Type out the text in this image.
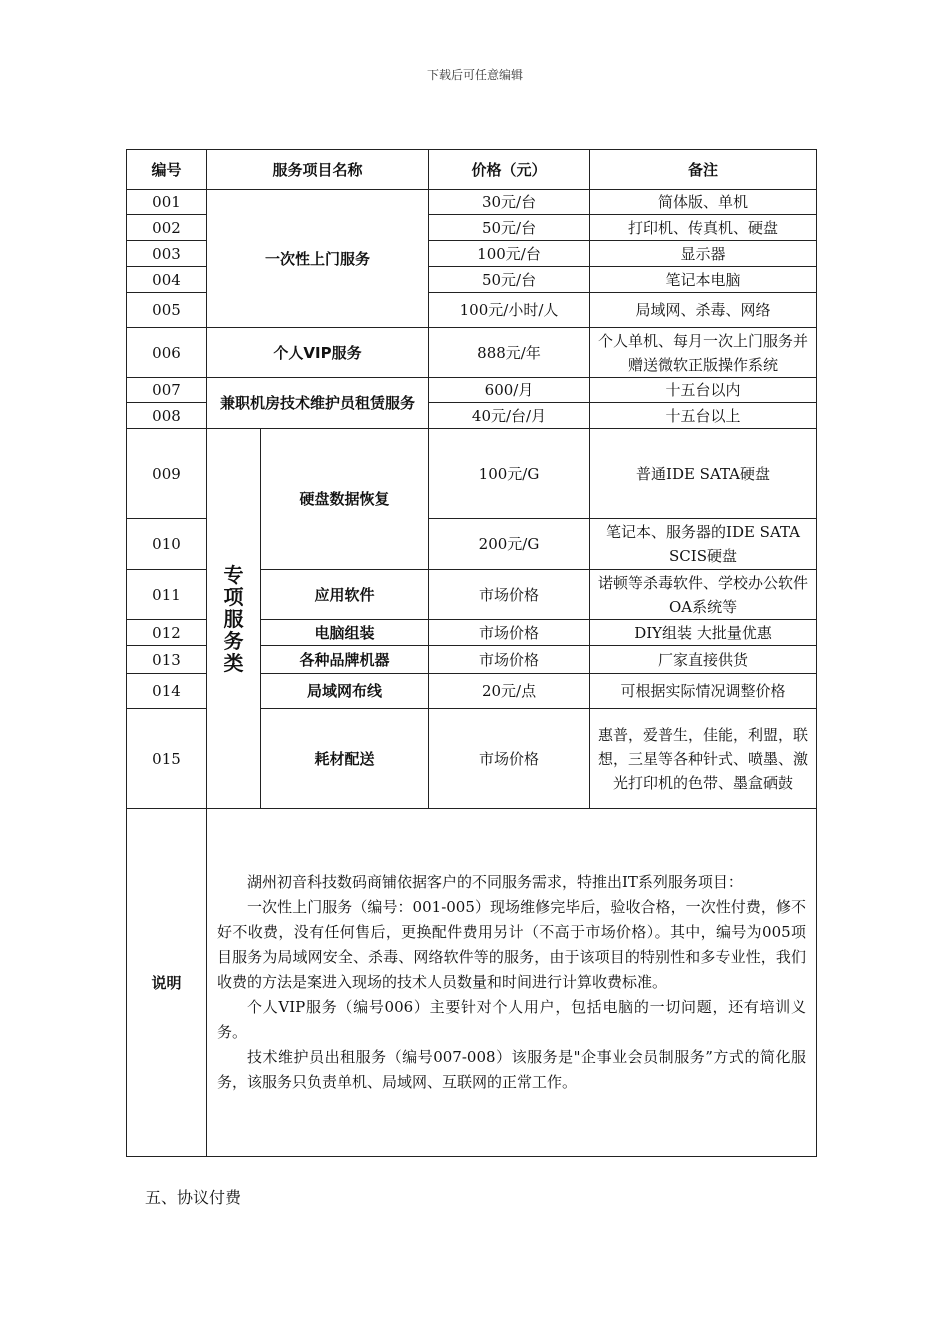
下载后可任意编辑
编号	服务项目名称		价格（元）	备注
001	一次性上门服务		30元/台	简体版、单机
002			50元/台	打印机、传真机、硬盘
003			100元/台	显示器
004			50元/台	笔记本电脑
005			100元/小时/人	局域网、杀毒、网络
006	个人VIP服务		888元/年	个人单机、每月一次上门服务并赠送微软正版操作系统
007	兼职机房技术维护员租赁服务		600/月	十五台以内
008			40元/台/月	十五台以上
009	专项服务类	硬盘数据恢复	100元/G	普通IDE SATA硬盘
010			200元/G	笔记本、服务器的IDE SATA SCIS硬盘
011		应用软件	市场价格	诺顿等杀毒软件、学校办公软件OA系统等
012		电脑组装	市场价格	DIY组装 大批量优惠
013		各种品牌机器	市场价格	厂家直接供货
014		局域网布线	20元/点	可根据实际情况调整价格
015		耗材配送	市场价格	惠普，爱普生，佳能，利盟，联想，三星等各种针式、喷墨、激光打印机的色带、墨盒硒鼓
说明	湖州初音科技数码商铺依据客户的不同服务需求，特推出IT系列服务项目：

一次性上门服务（编号：001-005）现场维修完毕后，验收合格，一次性付费，修不好不收费，没有任何售后，更换配件费用另计（不高于市场价格）。其中，编号为005项目服务为局域网安全、杀毒、网络软件等的服务，由于该项目的特别性和多专业性，我们收费的方法是案进入现场的技术人员数量和时间进行计算收费标准。

个人VIP服务（编号006）主要针对个人用户，包括电脑的一切问题，还有培训义务。

技术维护员出租服务（编号007-008）该服务是"企事业会员制服务”方式的简化服务，该服务只负责单机、局域网、互联网的正常工作。			

五、协议付费
